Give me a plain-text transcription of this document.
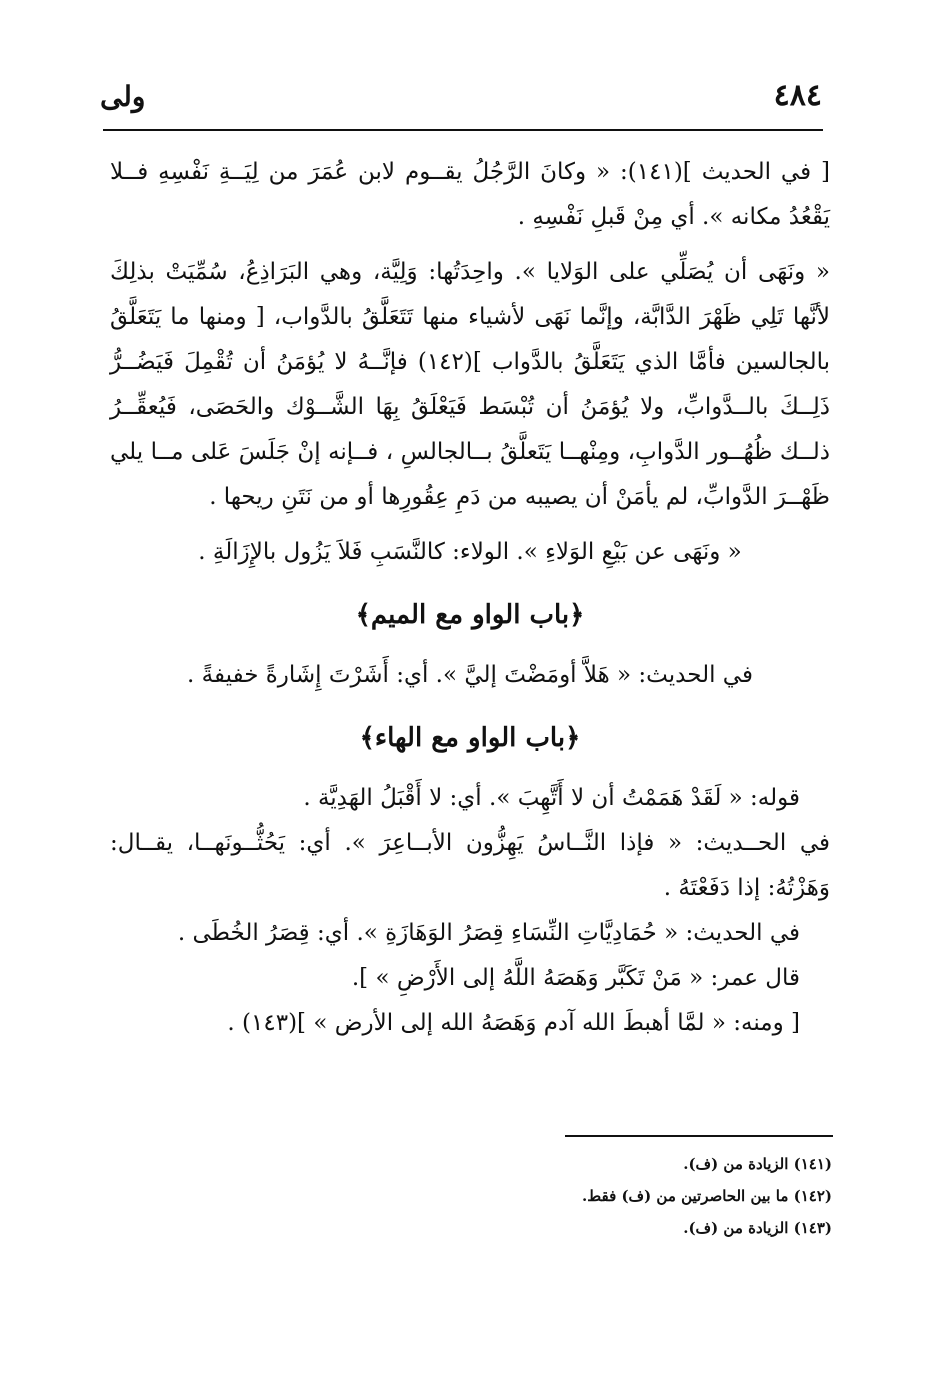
٤٨٤
ولى

[ في الحديث ](١٤١): « وكانَ الرَّجُلُ يقــوم لابن عُمَرَ من لِيَــةِ نَفْسِهِ فــلا يَقْعُدُ مكانه ». أي مِنْ قَبلِ نَفْسِهِ .

« ونَهَى أن يُصَلِّي على الوَلايا ». واحِدَتُها: وَلِيَّة، وهي البَرَاذِعُ، سُمِّيَتْ بذلِكَ لأنَّها تَلِي ظَهْرَ الدَّابَّة، وإنَّما نَهَى لأشياء منها تَتَعَلَّقُ بالدَّواب، [ ومنها ما يَتَعَلَّقُ بالجالسين فأمَّا الذي يَتَعَلَّقُ بالدَّواب ](١٤٢) فإنَّــهُ لا يُؤمَنُ أن تُقْمِلَ فَيَضُــرُّ ذَلِــكَ بالــدَّوابِّ، ولا يُؤمَنُ أن تُبْسَط فَيَعْلَقُ بِهَا الشَّــوْك والحَصَى، فَيُعقِّــرُ ذلــك ظُهُــور الدَّوابِ، ومِنْهــا يَتَعلَّقُ بــالجالسِ ، فــإنه إنْ جَلَسَ عَلى مــا يلي ظَهْــرَ الدَّوابِّ، لم يأمَنْ أن يصيبه من دَمِ عِقُورِها أو من نَتَنِ ريحها .

« ونَهَى عن بَيْعِ الوَلاءِ ». الولاء: كالنَّسَبِ فَلاَ يَزُول بالإِزَالَةِ .

﴿باب الواو مع الميم﴾

في الحديث: « هَلاَّ أومَضْتَ إليَّ ». أي: أَشَرْتَ إِشَارةً خفيفةً .

﴿باب الواو مع الهاء﴾

قوله: « لَقَدْ هَمَمْتُ أن لا أَتَّهِبَ ». أي: لا أَقْبَلُ الهَدِيَّة .

في الحــديث: « فإذا النَّــاسُ يَهِزُّون الأبــاعِرَ ». أي: يَحُثُّــونَهــا، يقــال: وَهَزْتُهُ: إذا دَفَعْتَهُ .

في الحديث: « حُمَادِيَّاتِ النِّسَاءِ قِصَرُ الوَهَازَةِ ». أي: قِصَرُ الخُطَى .

قال عمر: « مَنْ تَكَبَّر وَهَصَهُ اللَّهُ إلى الأَرْضِ » ].

[ ومنه: « لمَّا أهبطَ الله آدم وَهَصَهُ الله إلى الأرض » ](١٤٣) .

(١٤١) الزيادة من (ف).
(١٤٢) ما بين الحاصرتين من (ف) فقط.
(١٤٣) الزيادة من (ف).
